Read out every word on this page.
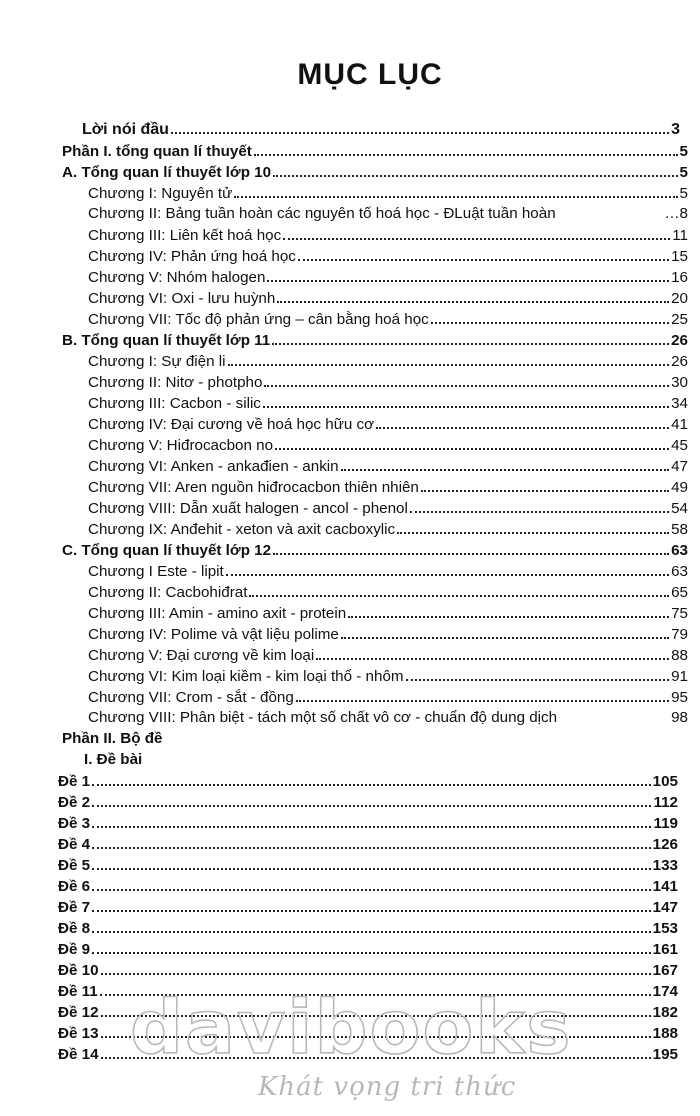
MỤC LỤC
Lời nói đầu	3
Phần I. tổng quan lí thuyết	5
A. Tổng quan lí thuyết lớp 10	5
Chương I: Nguyên tử	5
Chương II: Bảng tuần hoàn các nguyên tố hoá học - ĐLuật tuần hoàn	… 8
Chương III: Liên kết hoá học	11
Chương IV: Phản ứng hoá học	15
Chương V: Nhóm halogen	16
Chương VI: Oxi - lưu huỳnh	20
Chương VII: Tốc độ phản ứng – cân bằng hoá học	25
B. Tổng quan lí thuyết lớp 11	26
Chương I: Sự điện li	26
Chương II: Nitơ - photpho	30
Chương III: Cacbon - silic	34
Chương IV: Đại cương về hoá học hữu cơ	41
Chương V: Hiđrocacbon no	45
Chương VI: Anken - ankađien - ankin	47
Chương VII: Aren nguồn hiđrocacbon thiên nhiên	49
Chương VIII: Dẫn xuất halogen - ancol - phenol	54
Chương IX: Anđehit - xeton và axit cacboxylic	58
C. Tổng quan lí thuyết lớp 12	63
Chương I Este - lipit	63
Chương II: Cacbohiđrat	65
Chương III: Amin - amino axit - protein	75
Chương IV: Polime và vật liệu polime	79
Chương V: Đại cương về kim loại	88
Chương VI: Kim loại kiềm - kim loại thổ - nhôm	91
Chương VII: Crom - sắt - đồng	95
Chương VIII: Phân biệt - tách một số chất vô cơ - chuẩn độ dung dịch	98
Phần II. Bộ đề
I. Đề bài
Đề 1	105
Đề 2	112
Đề 3	119
Đề 4	126
Đề 5	133
Đề 6	141
Đề 7	147
Đề 8	153
Đề 9	161
Đề 10	167
Đề 11	174
Đề 12	182
Đề 13	188
Đề 14	195
davibooks
Khát vọng tri thức
